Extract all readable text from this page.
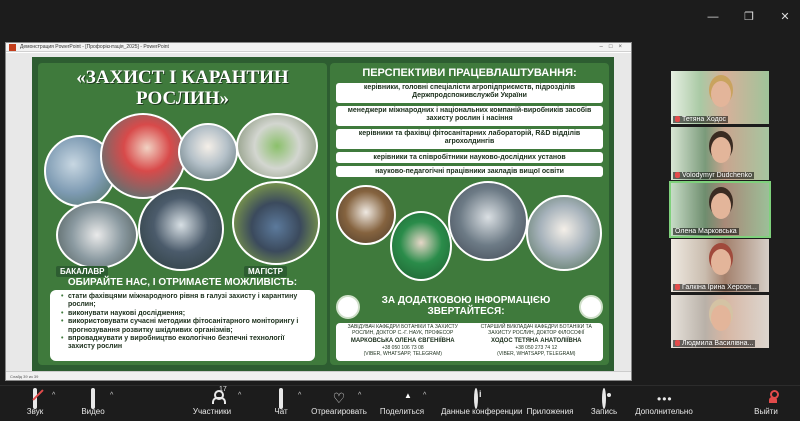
— ❐ ✕
Демонстрация PowerPoint - [Профорієнтація_2025] - PowerPoint	–□×
«ЗАХИСТ І КАРАНТИН РОСЛИН»
БАКАЛАВР	МАГІСТР
ОБИРАЙТЕ НАС, І ОТРИМАЄТЕ МОЖЛИВІСТЬ:
• стати фахівцями міжнародного рівня в галузі захисту і карантину рослин;
• виконувати наукові дослідження;
• використовувати сучасні методики фітосанітарного моніторингу і прогнозування розвитку шкідливих організмів;
• впроваджувати у виробництво екологічно безпечні технології захисту рослин
ПЕРСПЕКТИВИ ПРАЦЕВЛАШТУВАННЯ:
керівники, головні спеціалісти агропідприємств, підрозділів Держпродспоживслужби України
менеджери міжнародних і національних компаній-виробників засобів захисту рослин і насіння
керівники та фахівці фітосанітарних лабораторій, R&D відділів агрохолдингів
керівники та співробітники науково-дослідних установ
науково-педагогічні працівники закладів вищої освіти
ЗА ДОДАТКОВОЮ ІНФОРМАЦІЄЮ ЗВЕРТАЙТЕСЯ:
ЗАВІДУВАЧ КАФЕДРИ БОТАНІКИ ТА ЗАХИСТУ РОСЛИН, ДОКТОР С.-Г. НАУК, ПРОФЕСОР
МАРКОВСЬКА ОЛЕНА ЄВГЕНІЇВНА
+38 050 106 73 08
(VIBER, WHATSAPP, TELEGRAM)
СТАРШИЙ ВИКЛАДАЧ КАФЕДРИ БОТАНІКИ ТА ЗАХИСТУ РОСЛИН, ДОКТОР ФІЛОСОФІЇ
ХОДОС ТЕТЯНА АНАТОЛІЇВНА
+38 050 273 74 12
(VIBER, WHATSAPP, TELEGRAM)
Слайд 39 из 39
Тетяна Ходос
Volodymyr Dudchenko
Олена Марковська
Галкіна Ірина Херсон...
Людмила Василівна...
Звук
^
Видео
^
Участники
17
^
Чат
^ ♡
Отреагировать
^
Поделиться
^
i
Данные конференции Приложения	Запись
•••
Дополнительно	Выйти
